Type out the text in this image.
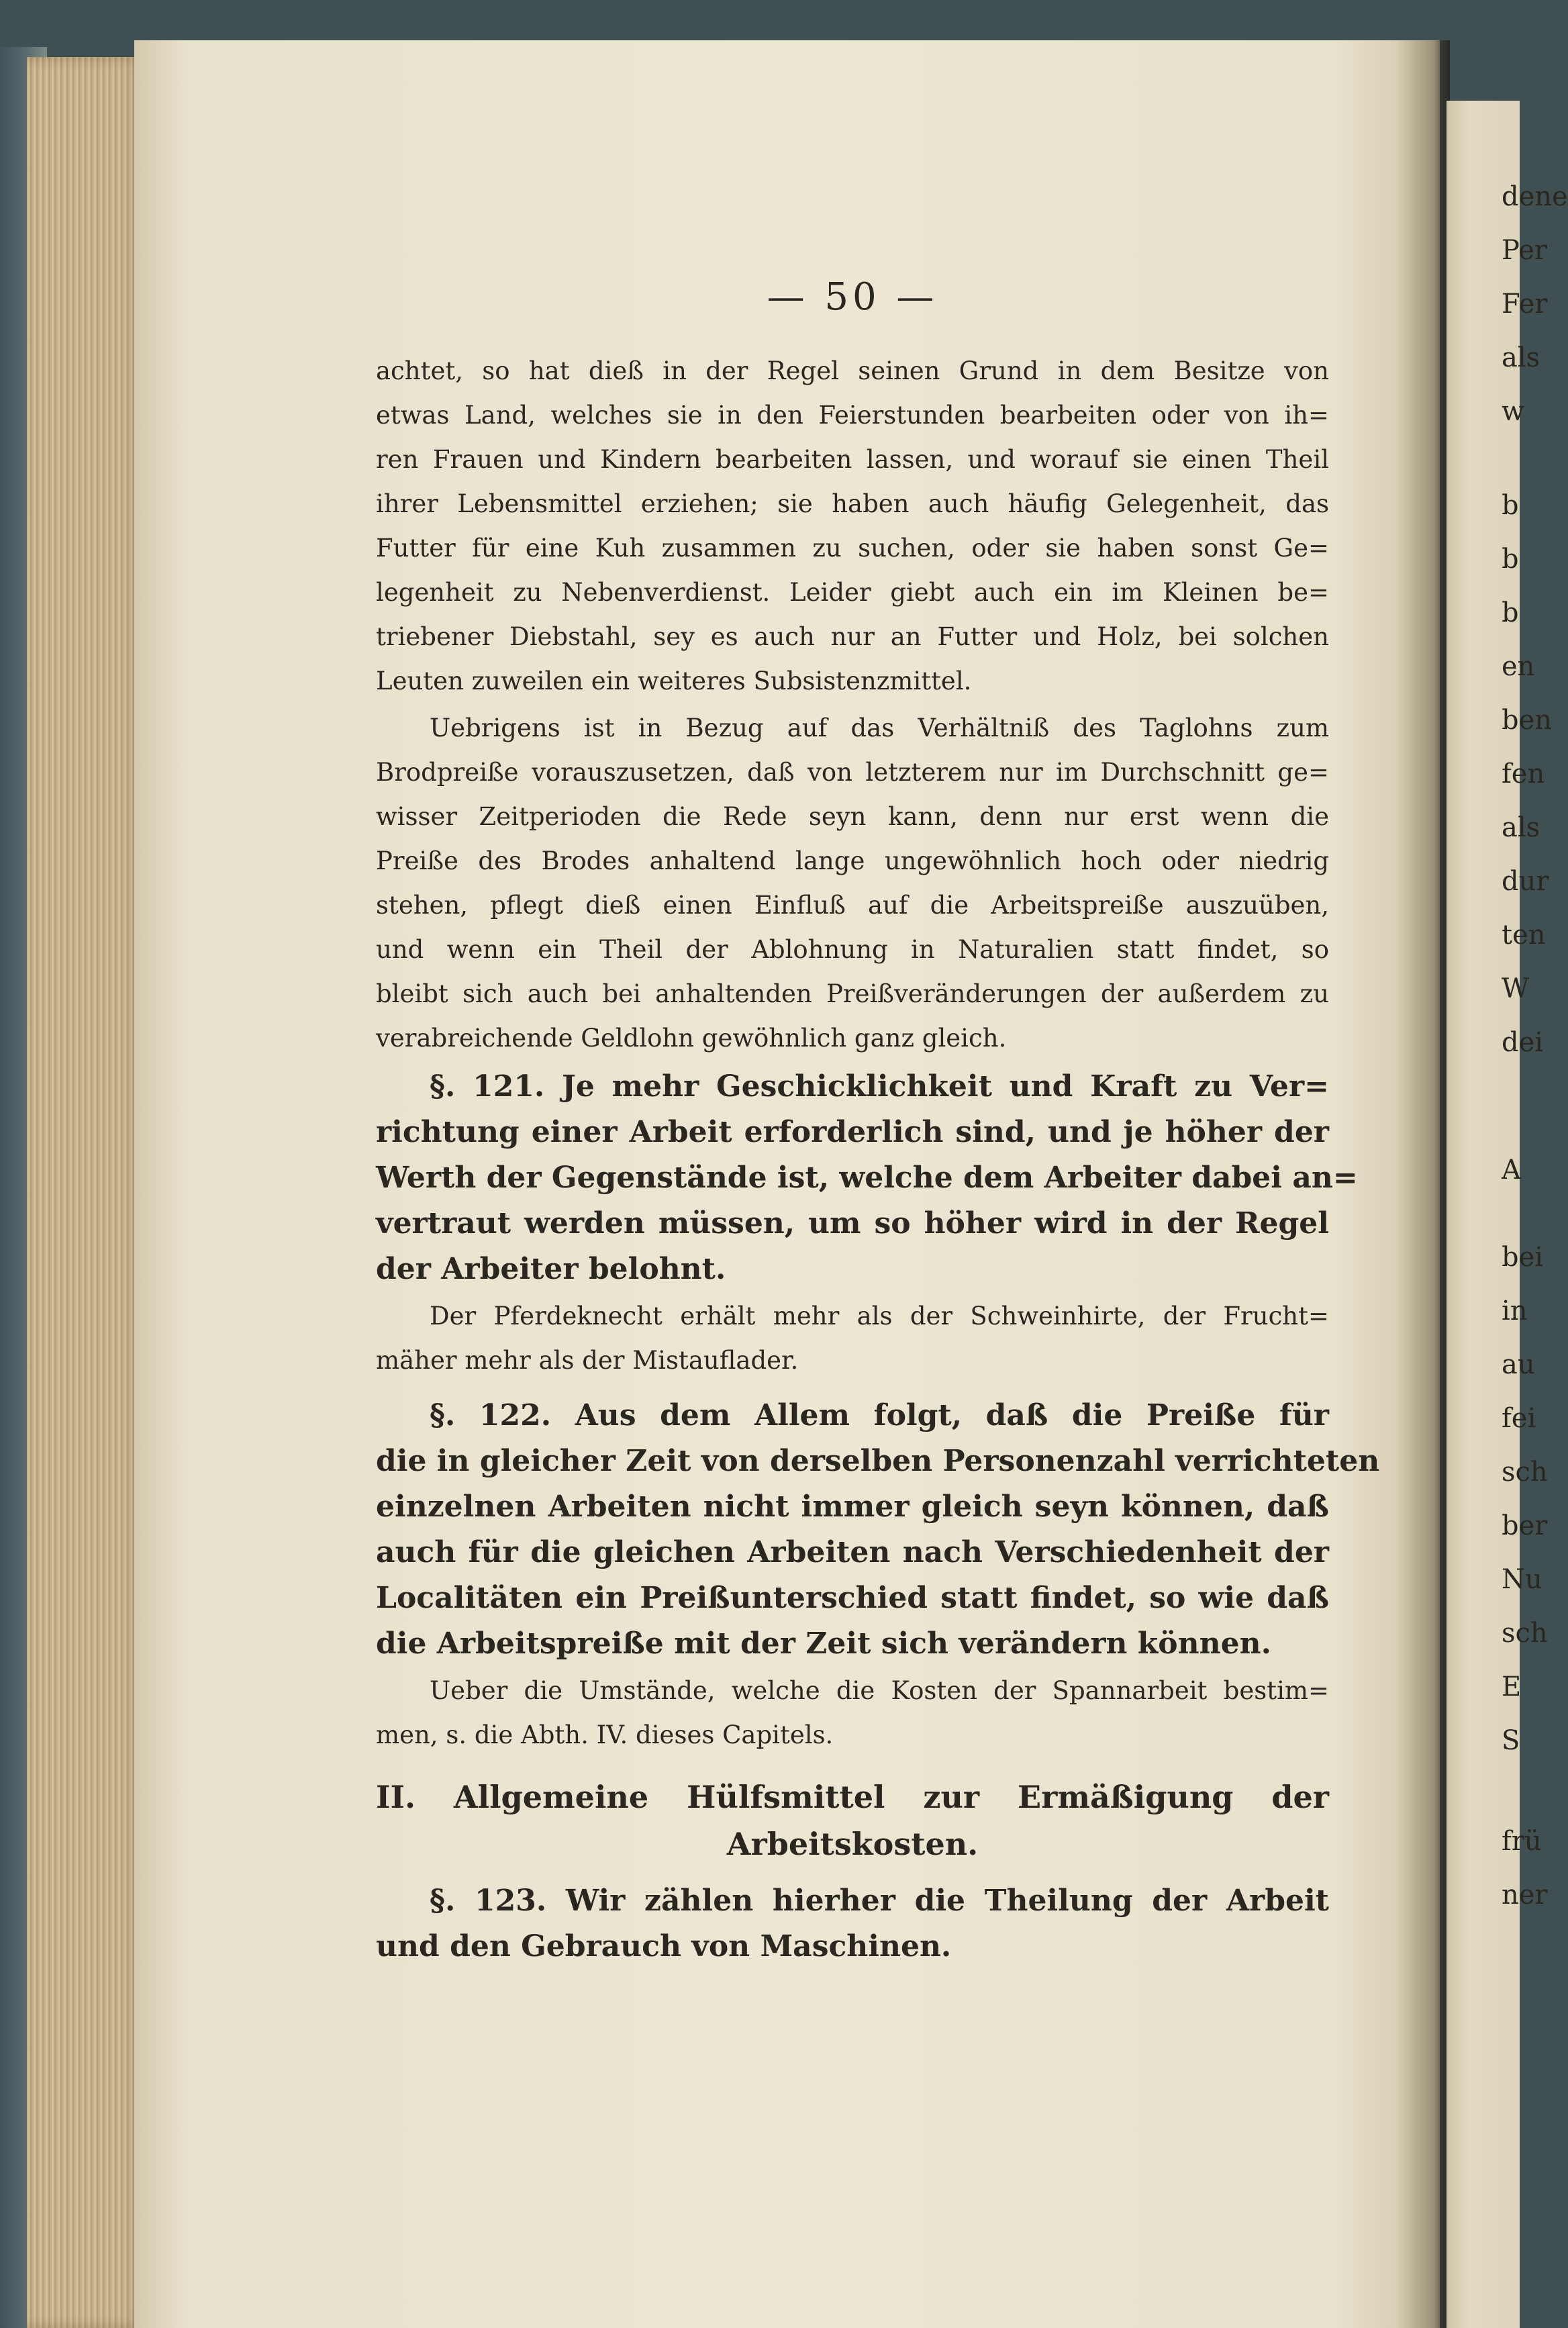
dene
Per
Fer
als
w
b
b
b
en
ben
fen
als
dur
ten
W
dei
A
bei
in
au
fei
sch
ber
Nu
sch
E
S
frü
ner
— 50 —
achtet, so hat dieß in der Regel seinen Grund in dem Besitze von
etwas Land, welches sie in den Feierstunden bearbeiten oder von ih=
ren Frauen und Kindern bearbeiten lassen, und worauf sie einen Theil
ihrer Lebensmittel erziehen; sie haben auch häufig Gelegenheit, das
Futter für eine Kuh zusammen zu suchen, oder sie haben sonst Ge=
legenheit zu Nebenverdienst. Leider giebt auch ein im Kleinen be=
triebener Diebstahl, sey es auch nur an Futter und Holz, bei solchen
Leuten zuweilen ein weiteres Subsistenzmittel.
Uebrigens ist in Bezug auf das Verhältniß des Taglohns zum
Brodpreiße vorauszusetzen, daß von letzterem nur im Durchschnitt ge=
wisser Zeitperioden die Rede seyn kann, denn nur erst wenn die
Preiße des Brodes anhaltend lange ungewöhnlich hoch oder niedrig
stehen, pflegt dieß einen Einfluß auf die Arbeitspreiße auszuüben,
und wenn ein Theil der Ablohnung in Naturalien statt findet, so
bleibt sich auch bei anhaltenden Preißveränderungen der außerdem zu
verabreichende Geldlohn gewöhnlich ganz gleich.
§. 121. Je mehr Geschicklichkeit und Kraft zu Ver=
richtung einer Arbeit erforderlich sind, und je höher der
Werth der Gegenstände ist, welche dem Arbeiter dabei an=
vertraut werden müssen, um so höher wird in der Regel
der Arbeiter belohnt.
Der Pferdeknecht erhält mehr als der Schweinhirte, der Frucht=
mäher mehr als der Mistauflader.
§. 122. Aus dem Allem folgt, daß die Preiße für
die in gleicher Zeit von derselben Personenzahl verrichteten
einzelnen Arbeiten nicht immer gleich seyn können, daß
auch für die gleichen Arbeiten nach Verschiedenheit der
Localitäten ein Preißunterschied statt findet, so wie daß
die Arbeitspreiße mit der Zeit sich verändern können.
Ueber die Umstände, welche die Kosten der Spannarbeit bestim=
men, s. die Abth. IV. dieses Capitels.
II. Allgemeine Hülfsmittel zur Ermäßigung der
Arbeitskosten.
§. 123. Wir zählen hierher die Theilung der Arbeit
und den Gebrauch von Maschinen.
